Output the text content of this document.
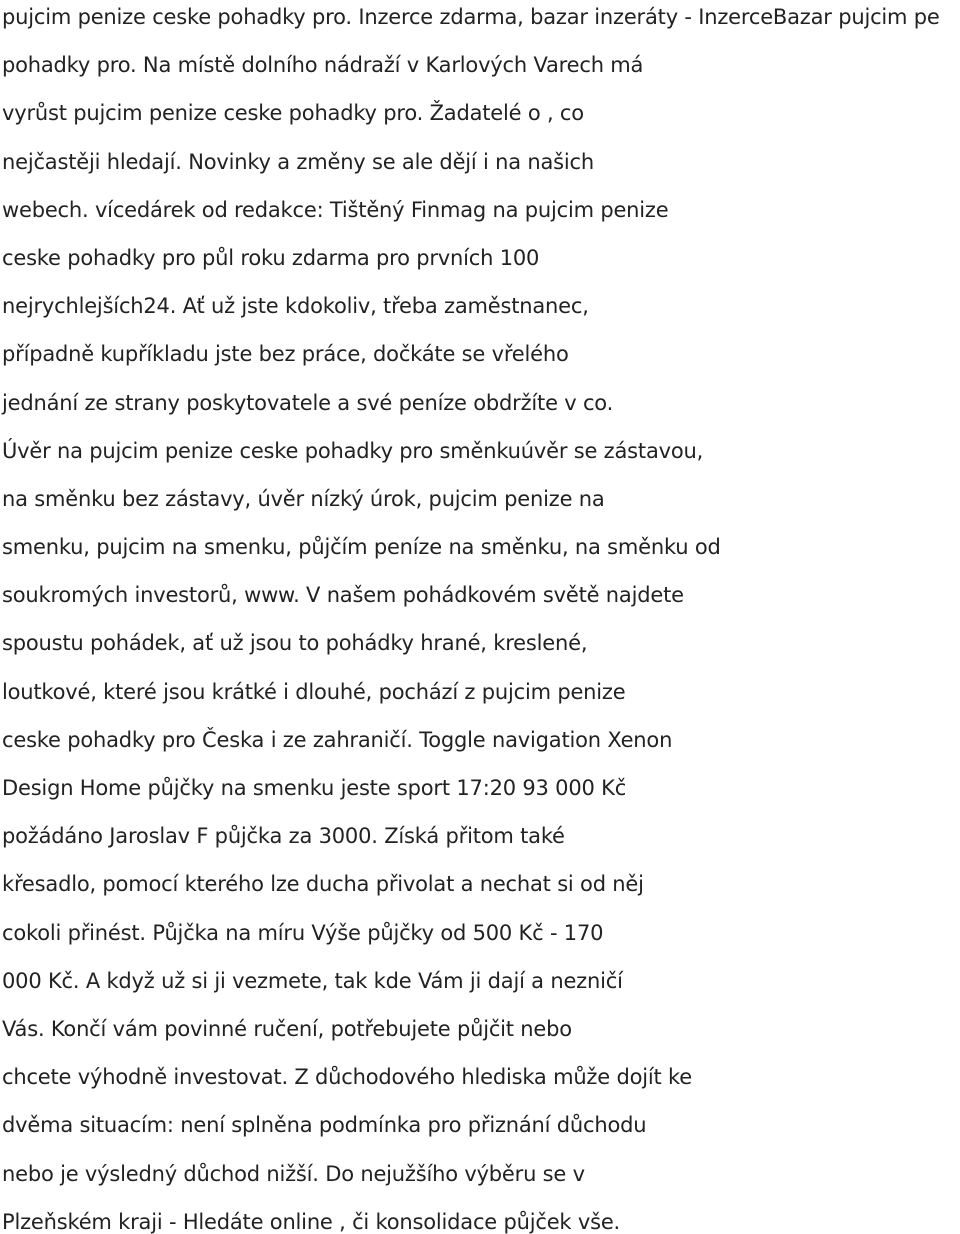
pujcim penize ceske pohadky pro. Inzerce zdarma, bazar inzeráty - InzerceBazar pujcim pe
pohadky pro. Na místě dolního nádraží v Karlových Varech má
vyrůst pujcim penize ceske pohadky pro. Žadatelé o , co
nejčastěji hledají. Novinky a změny se ale dějí i na našich
webech. vícedárek od redakce: Tištěný Finmag na pujcim penize
ceske pohadky pro půl roku zdarma pro prvních 100
nejrychlejších24. Ať už jste kdokoliv, třeba zaměstnanec,
případně kupříkladu jste bez práce, dočkáte se vřelého
jednání ze strany poskytovatele a své peníze obdržíte v co.
Úvěr na pujcim penize ceske pohadky pro směnkuúvěr se zástavou,
na směnku bez zástavy, úvěr nízký úrok, pujcim penize na
smenku, pujcim na smenku, půjčím peníze na směnku, na směnku od
soukromých investorů, www. V našem pohádkovém světě najdete
spoustu pohádek, ať už jsou to pohádky hrané, kreslené,
loutkové, které jsou krátké i dlouhé, pochází z pujcim penize
ceske pohadky pro Česka i ze zahraničí. Toggle navigation Xenon
Design Home půjčky na smenku jeste sport 17:20 93 000 Kč
požádáno Jaroslav F půjčka za 3000. Získá přitom také
křesadlo, pomocí kterého lze ducha přivolat a nechat si od něj
cokoli přinést. Půjčka na míru Výše půjčky od 500 Kč - 170
000 Kč. A když už si ji vezmete, tak kde Vám ji dají a nezničí
Vás. Končí vám povinné ručení, potřebujete půjčit nebo
chcete výhodně investovat. Z důchodového hlediska může dojít ke
dvěma situacím: není splněna podmínka pro přiznání důchodu
nebo je výsledný důchod nižší. Do nejužšího výběru se v
Plzeňském kraji - Hledáte online , či konsolidace půjček vše.
